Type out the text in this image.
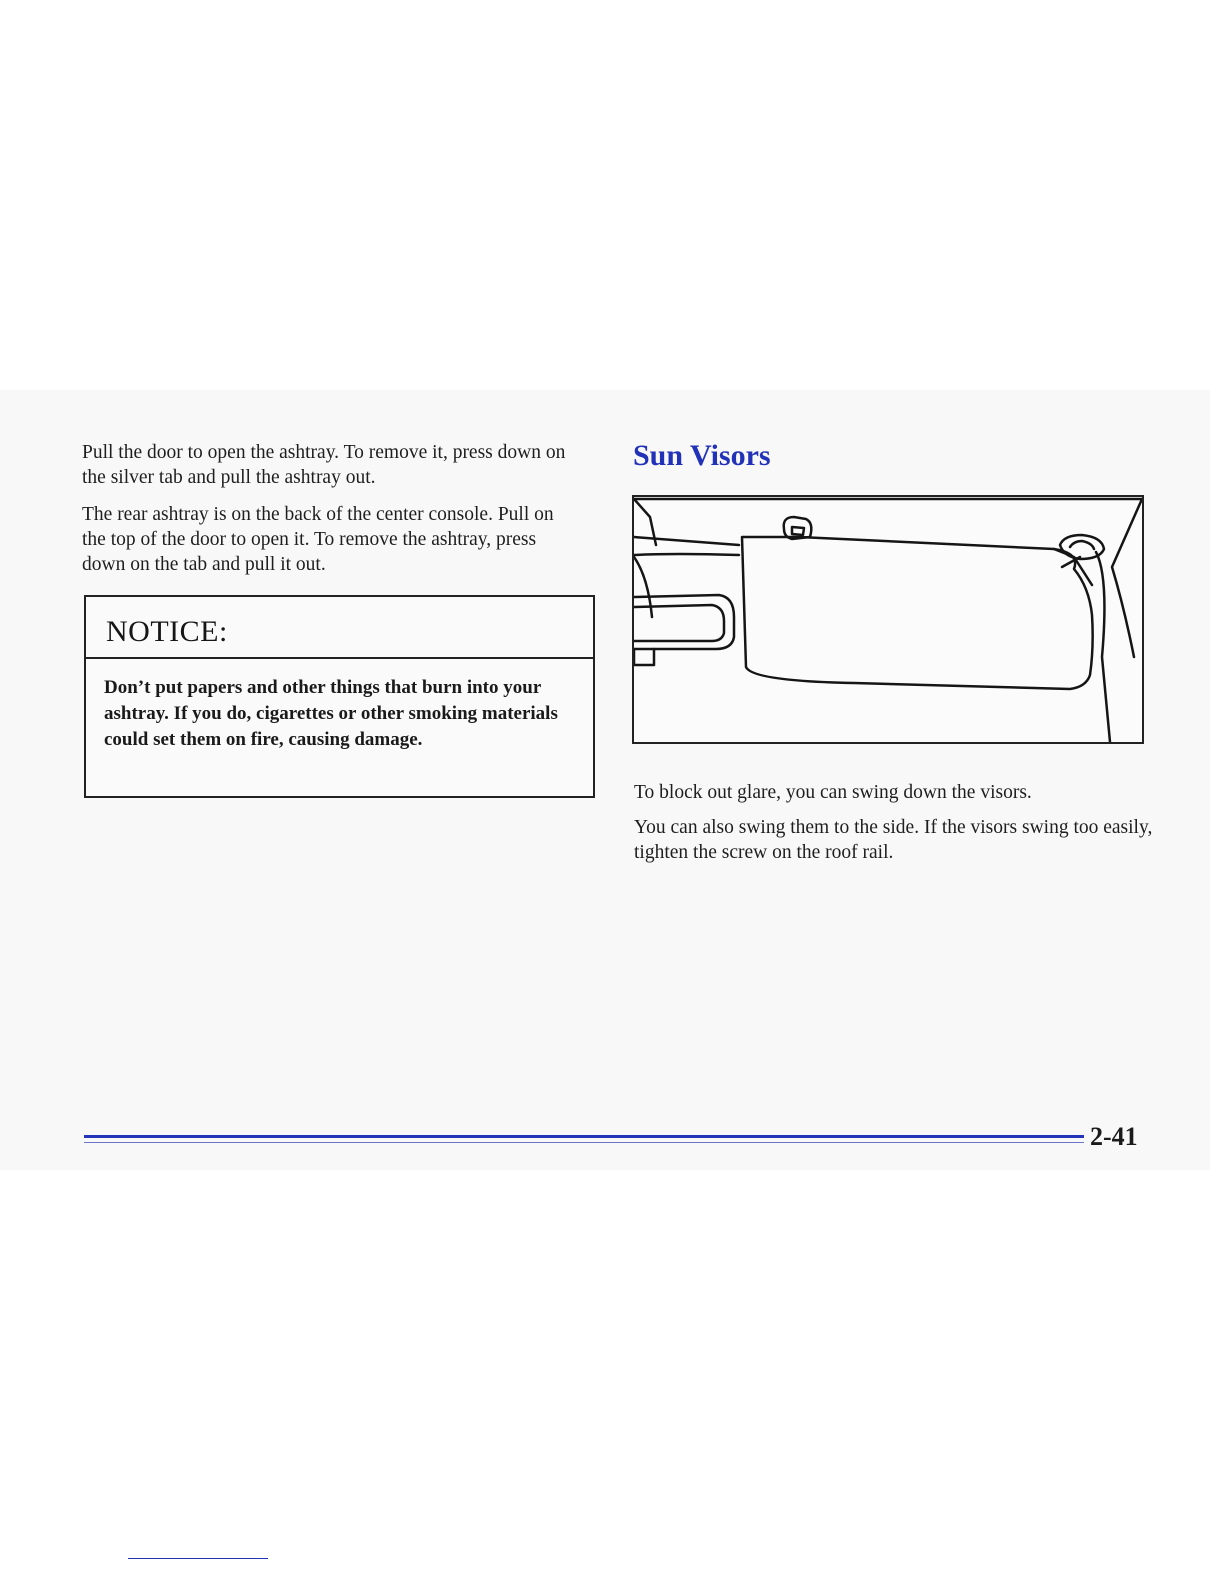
Pull the door to open the ashtray. To remove it, press down on the silver tab and pull the ashtray out.

The rear ashtray is on the back of the center console. Pull on the top of the door to open it. To remove the ashtray, press down on the tab and pull it out.

NOTICE:

Don’t put papers and other things that burn into your ashtray. If you do, cigarettes or other smoking materials could set them on fire, causing damage.

Sun Visors

To block out glare, you can swing down the visors.

You can also swing them to the side. If the visors swing too easily, tighten the screw on the roof rail.

2-41
